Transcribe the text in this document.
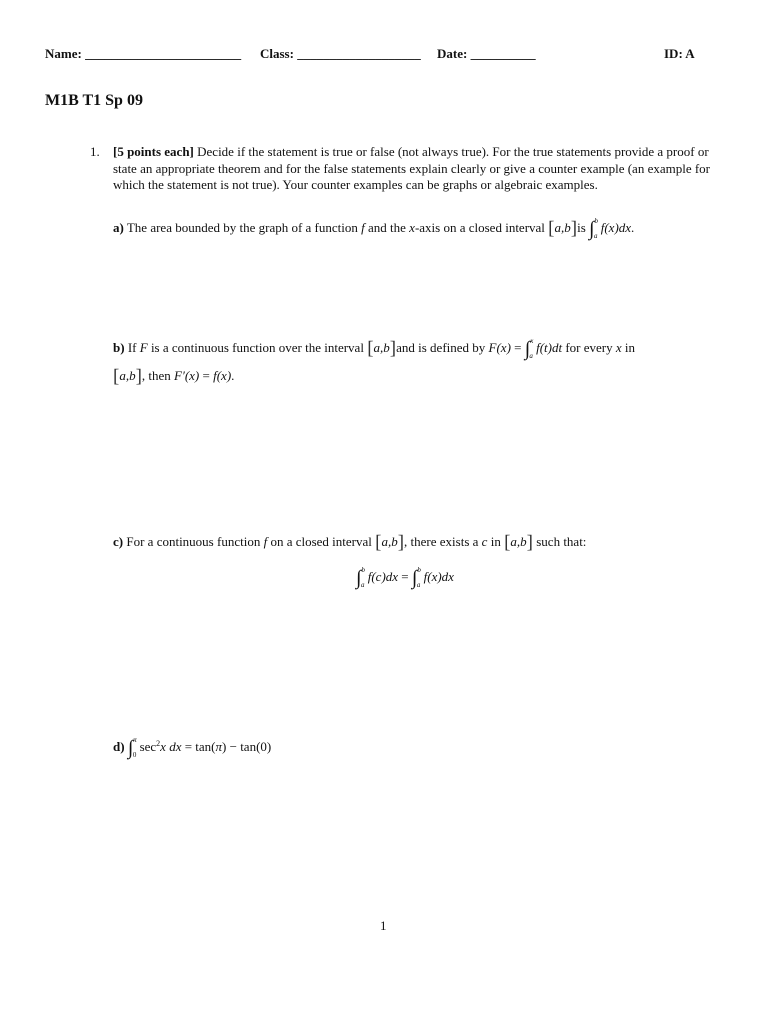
Name: ________________________ Class: ___________________ Date: __________	ID: A
M1B T1 Sp 09
1. [5 points each] Decide if the statement is true or false (not always true). For the true statements provide a proof or state an appropriate theorem and for the false statements explain clearly or give a counter example (an example for which the statement is not true). Your counter examples can be graphs or algebraic examples.
a) The area bounded by the graph of a function f and the x-axis on a closed interval [a,b]is ∫$^b_a$ f(x)dx.
b) If F is a continuous function over the interval [a,b]and is defined by F(x) = ∫$^x_a$ f(t)dt for every x in
[a,b], then F′(x) = f(x).
c) For a continuous function f on a closed interval [a,b], there exists a c in [a,b] such that:
∫$^b_a$ f(c)dx = ∫$^b_a$ f(x)dx
d) ∫$^\pi_0$ $\sec^2x$ dx = tan(π) − tan(0)
1
